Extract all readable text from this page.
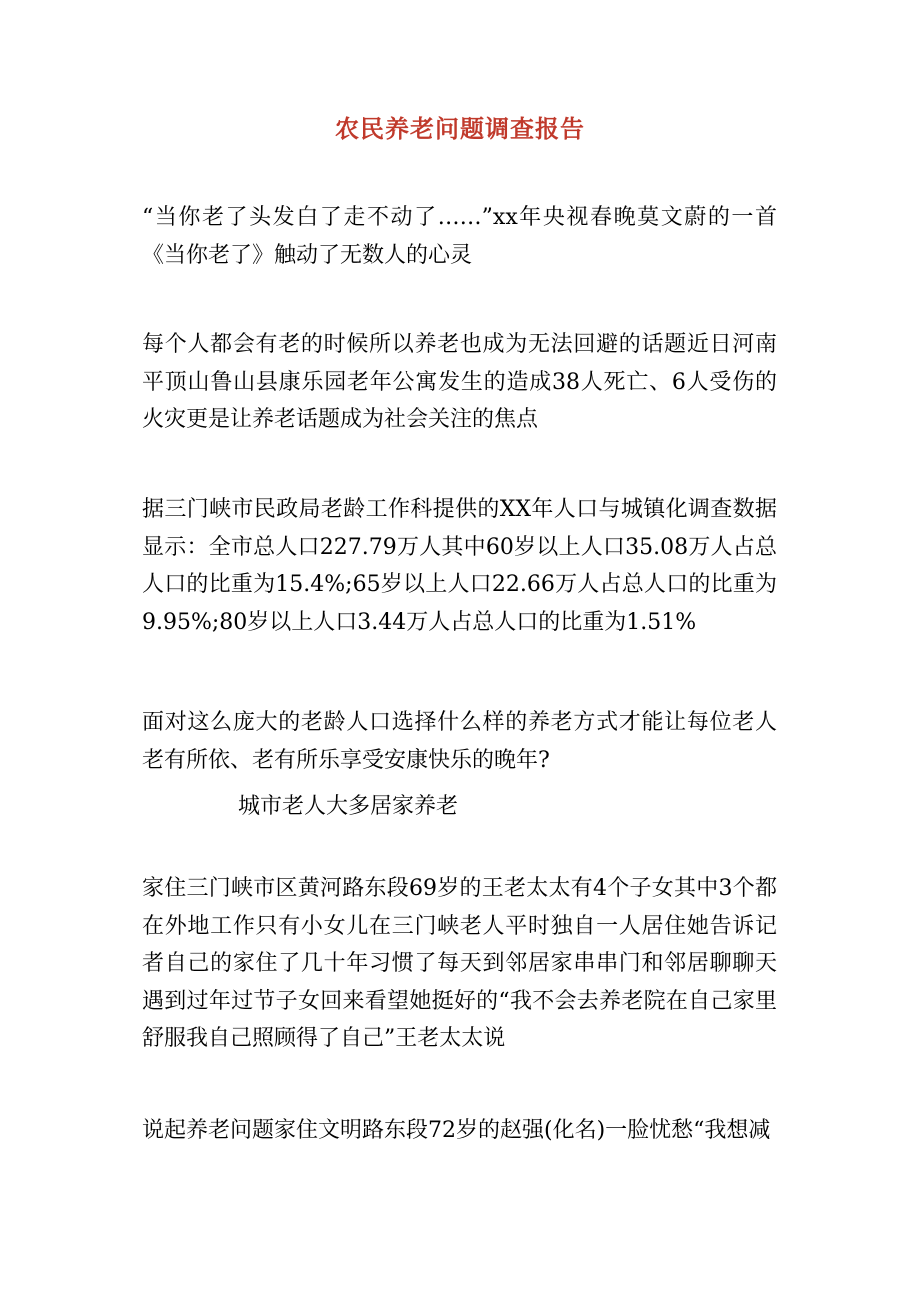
农民养老问题调查报告
“当你老了头发白了走不动了……”xx年央视春晚莫文蔚的一首《当你老了》触动了无数人的心灵
每个人都会有老的时候所以养老也成为无法回避的话题近日河南平顶山鲁山县康乐园老年公寓发生的造成38人死亡、6人受伤的火灾更是让养老话题成为社会关注的焦点
据三门峡市民政局老龄工作科提供的XX年人口与城镇化调查数据显示：全市总人口227.79万人其中60岁以上人口35.08万人占总人口的比重为15.4%;65岁以上人口22.66万人占总人口的比重为9.95%;80岁以上人口3.44万人占总人口的比重为1.51%
面对这么庞大的老龄人口选择什么样的养老方式才能让每位老人老有所依、老有所乐享受安康快乐的晚年?
城市老人大多居家养老
家住三门峡市区黄河路东段69岁的王老太太有4个子女其中3个都在外地工作只有小女儿在三门峡老人平时独自一人居住她告诉记者自己的家住了几十年习惯了每天到邻居家串串门和邻居聊聊天遇到过年过节子女回来看望她挺好的“我不会去养老院在自己家里舒服我自己照顾得了自己”王老太太说
说起养老问题家住文明路东段72岁的赵强(化名)一脸忧愁“我想减
